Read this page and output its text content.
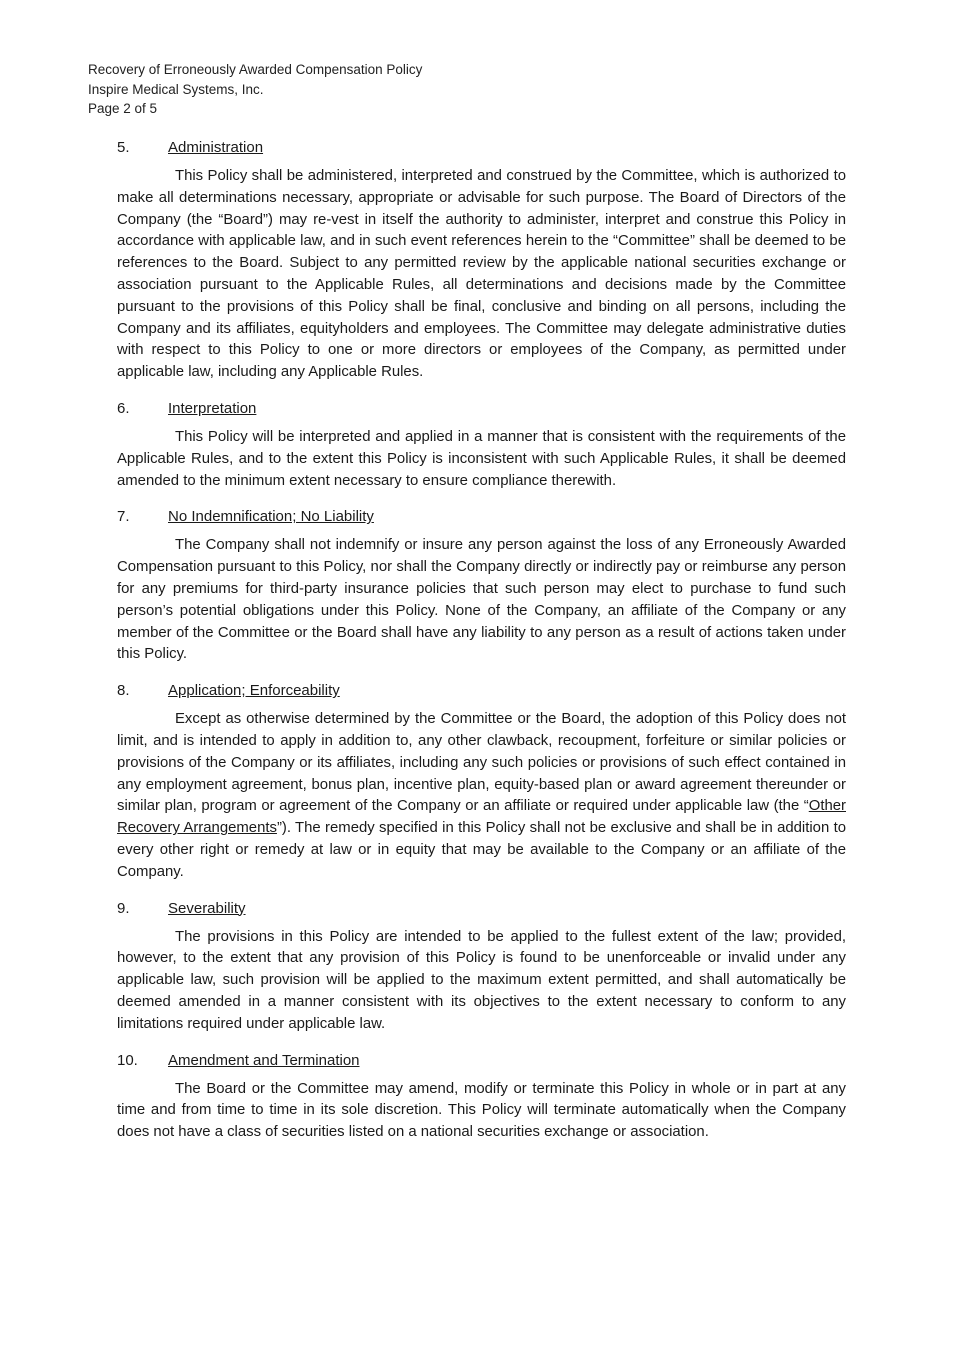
Recovery of Erroneously Awarded Compensation Policy
Inspire Medical Systems, Inc.
Page 2 of 5
5.	Administration

This Policy shall be administered, interpreted and construed by the Committee, which is authorized to make all determinations necessary, appropriate or advisable for such purpose. The Board of Directors of the Company (the “Board”) may re-vest in itself the authority to administer, interpret and construe this Policy in accordance with applicable law, and in such event references herein to the “Committee” shall be deemed to be references to the Board. Subject to any permitted review by the applicable national securities exchange or association pursuant to the Applicable Rules, all determinations and decisions made by the Committee pursuant to the provisions of this Policy shall be final, conclusive and binding on all persons, including the Company and its affiliates, equityholders and employees. The Committee may delegate administrative duties with respect to this Policy to one or more directors or employees of the Company, as permitted under applicable law, including any Applicable Rules.

6.	Interpretation

This Policy will be interpreted and applied in a manner that is consistent with the requirements of the Applicable Rules, and to the extent this Policy is inconsistent with such Applicable Rules, it shall be deemed amended to the minimum extent necessary to ensure compliance therewith.

7.	No Indemnification; No Liability

The Company shall not indemnify or insure any person against the loss of any Erroneously Awarded Compensation pursuant to this Policy, nor shall the Company directly or indirectly pay or reimburse any person for any premiums for third-party insurance policies that such person may elect to purchase to fund such person’s potential obligations under this Policy. None of the Company, an affiliate of the Company or any member of the Committee or the Board shall have any liability to any person as a result of actions taken under this Policy.

8.	Application; Enforceability

Except as otherwise determined by the Committee or the Board, the adoption of this Policy does not limit, and is intended to apply in addition to, any other clawback, recoupment, forfeiture or similar policies or provisions of the Company or its affiliates, including any such policies or provisions of such effect contained in any employment agreement, bonus plan, incentive plan, equity-based plan or award agreement thereunder or similar plan, program or agreement of the Company or an affiliate or required under applicable law (the “Other Recovery Arrangements”). The remedy specified in this Policy shall not be exclusive and shall be in addition to every other right or remedy at law or in equity that may be available to the Company or an affiliate of the Company.

9.	Severability

The provisions in this Policy are intended to be applied to the fullest extent of the law; provided, however, to the extent that any provision of this Policy is found to be unenforceable or invalid under any applicable law, such provision will be applied to the maximum extent permitted, and shall automatically be deemed amended in a manner consistent with its objectives to the extent necessary to conform to any limitations required under applicable law.

10. Amendment and Termination

The Board or the Committee may amend, modify or terminate this Policy in whole or in part at any time and from time to time in its sole discretion. This Policy will terminate automatically when the Company does not have a class of securities listed on a national securities exchange or association.
